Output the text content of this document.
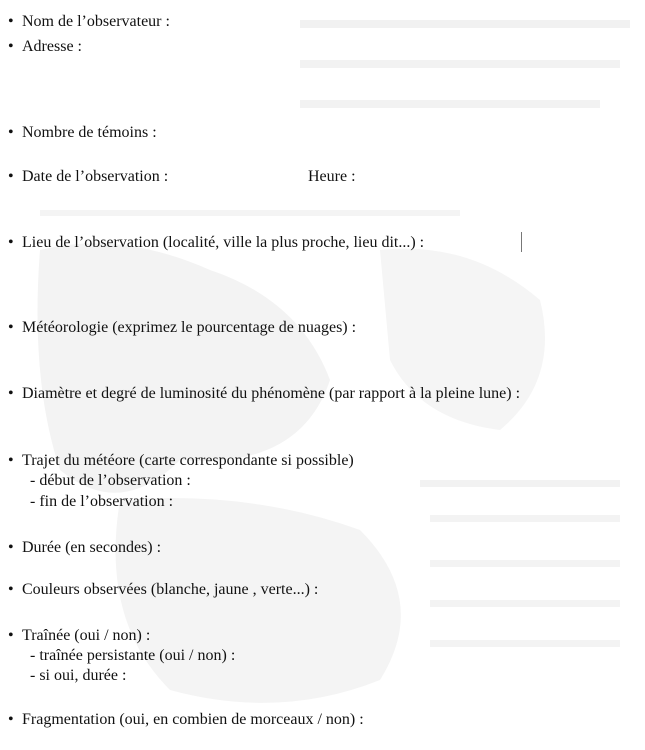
• Nom de l’observateur :
• Adresse :
• Nombre de témoins :
• Date de l’observation :	Heure :
• Lieu de l’observation (localité, ville la plus proche, lieu dit...) :
• Météorologie (exprimez le pourcentage de nuages) :
• Diamètre et degré de luminosité du phénomène (par rapport à la pleine lune) :
• Trajet du météore (carte correspondante si possible)
- début de l’observation :
- fin de l’observation :
• Durée (en secondes) :
• Couleurs observées (blanche, jaune , verte...) :
• Traînée (oui / non) :
- traînée persistante (oui / non) :
- si oui, durée :
• Fragmentation (oui, en combien de morceaux / non) :
